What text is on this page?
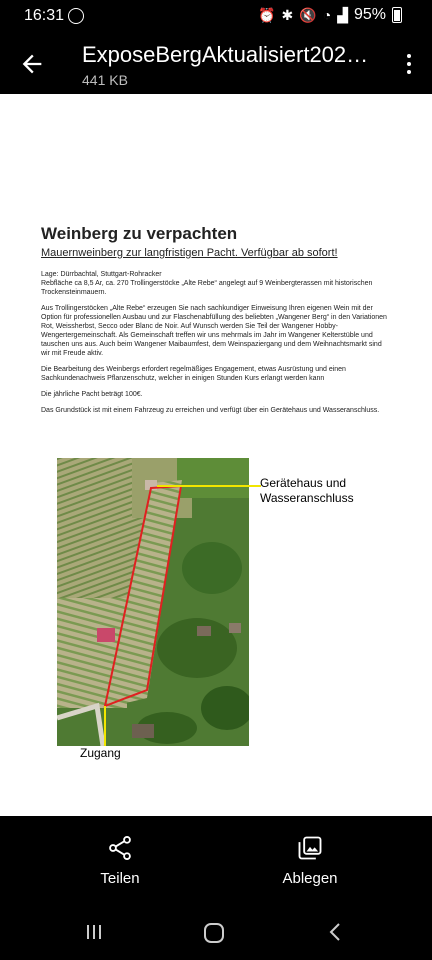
16:31	⏰ ✱ 🔇 ◔ ▟ 95%
ExposeBergAktualisiert202…
441 KB
Weinberg zu verpachten
Mauernweinberg zur langfristigen Pacht. Verfügbar ab sofort!

Lage: Dürrbachtal, Stuttgart-Rohracker
Rebfläche ca 8,5 Ar, ca. 270 Trollingerstöcke „Alte Rebe“ angelegt auf 9 Weinbergterassen mit historischen Trockensteinmauern.

Aus Trollingerstöcken „Alte Rebe“ erzeugen Sie nach sachkundiger Einweisung Ihren eigenen Wein mit der Option für professionellen Ausbau und zur Flaschenabfüllung des beliebten „Wangener Berg“ in den Variationen Rot, Weissherbst, Secco oder Blanc de Noir. Auf Wunsch werden Sie Teil der Wangener Hobby-Wengertergemeinschaft. Als Gemeinschaft treffen wir uns mehrmals im Jahr im Wangener Kelterstüble und tauschen uns aus. Auch beim Wangener Maibaumfest, dem Weinspaziergang und dem Weihnachtsmarkt sind wir mit Freude aktiv.

Die Bearbeitung des Weinbergs erfordert regelmäßiges Engagement, etwas Ausrüstung und einen Sachkundenachweis Pflanzenschutz, welcher in einigen Stunden Kurs erlangt werden kann

Die jährliche Pacht beträgt 100€.

Das Grundstück ist mit einem Fahrzeug zu erreichen und verfügt über ein Gerätehaus und Wasseranschluss.

Gerätehaus und
Wasseranschluss
Zugang
Teilen	Ablegen
